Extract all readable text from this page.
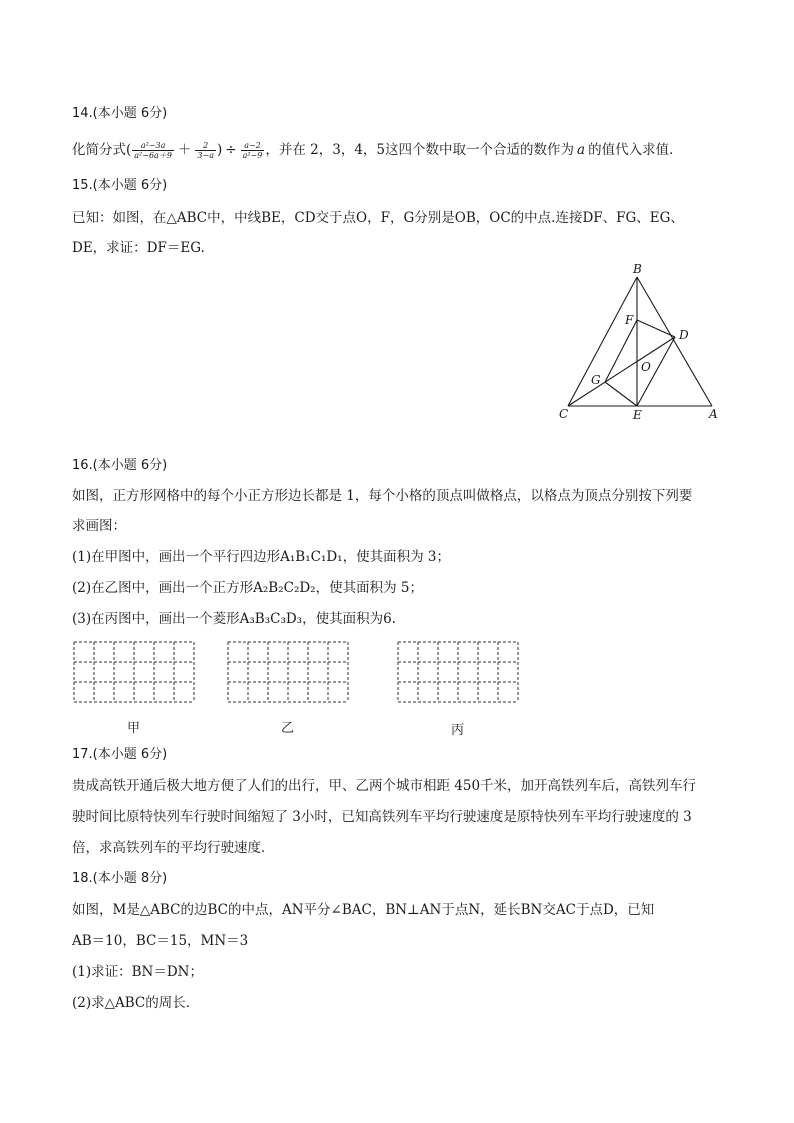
14.(本小题 6分)
化简分式( $\frac{\text{a²−3a}}{\text{a²−6a＋9}} + \frac{2}{3-a}$ ) ÷ $\frac{a-2}{\text{a²−9}}$ ，并在 2，3，4，5这四个数中取一个合适的数作为 a 的值代入求值．
15.(本小题 6分)
已知：如图，在△ABC中，中线BE，CD交于点O，F，G分别是OB，OC的中点.连接DF、FG、EG、
DE，求证：DF＝EG.
B
F
D
O
G
C	E	A
16.(本小题 6分)
如图，正方形网格中的每个小正方形边长都是 1，每个小格的顶点叫做格点，以格点为顶点分别按下列要
求画图：
(1)在甲图中，画出一个平行四边形A₁B₁C₁D₁，使其面积为 3；
(2)在乙图中，画出一个正方形A₂B₂C₂D₂，使其面积为 5；
(3)在丙图中，画出一个菱形A₃B₃C₃D₃，使其面积为6.
甲	乙	丙
17.(本小题 6分)
贵成高铁开通后极大地方便了人们的出行，甲、乙两个城市相距 450千米，加开高铁列车后，高铁列车行
驶时间比原特快列车行驶时间缩短了 3小时，已知高铁列车平均行驶速度是原特快列车平均行驶速度的 3
倍，求高铁列车的平均行驶速度．
18.(本小题 8分)
如图，M是△ABC的边BC的中点，AN平分∠BAC，BN⊥AN于点N，延长BN交AC于点D，已知
AB＝10，BC＝15，MN＝3
(1)求证：BN＝DN；
(2)求△ABC的周长．
